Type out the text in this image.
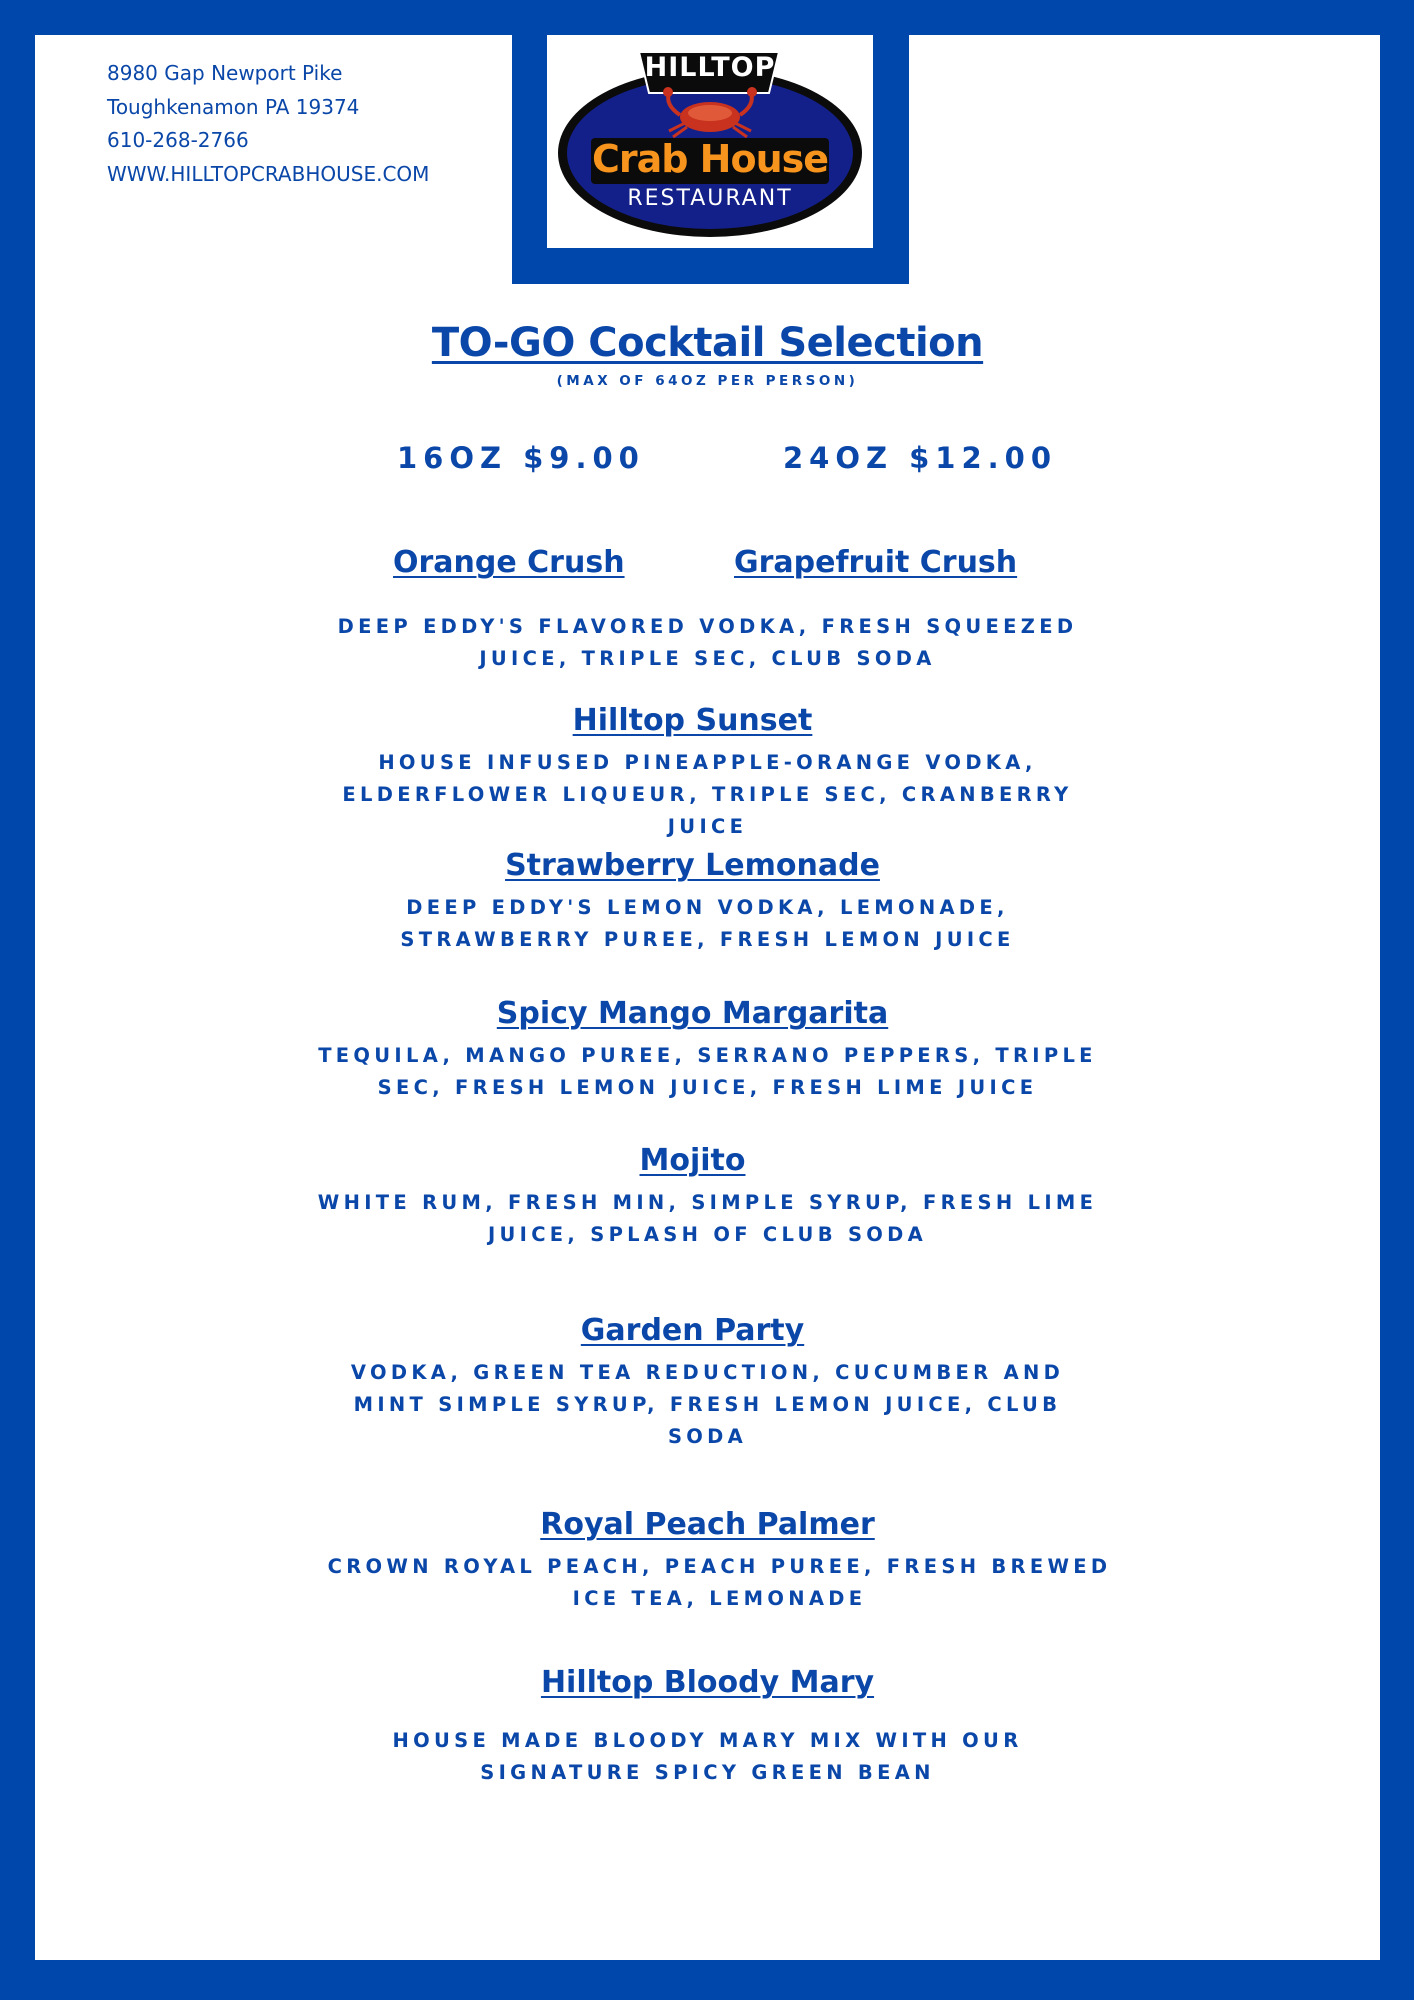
8980 Gap Newport Pike
Toughkenamon PA 19374
610-268-2766
WWW.HILLTOPCRABHOUSE.COM
HILLTOP
Crab House
RESTAURANT
TO-GO Cocktail Selection
(MAX OF 64OZ PER PERSON)
16OZ $9.00	24OZ $12.00
Orange Crush	Grapefruit Crush
DEEP EDDY'S FLAVORED VODKA, FRESH SQUEEZED
JUICE, TRIPLE SEC, CLUB SODA
Hilltop Sunset
HOUSE INFUSED PINEAPPLE-ORANGE VODKA,
ELDERFLOWER LIQUEUR, TRIPLE SEC, CRANBERRY
JUICE
Strawberry Lemonade
DEEP EDDY'S LEMON VODKA, LEMONADE,
STRAWBERRY PUREE, FRESH LEMON JUICE
Spicy Mango Margarita
TEQUILA, MANGO PUREE, SERRANO PEPPERS, TRIPLE
SEC, FRESH LEMON JUICE, FRESH LIME JUICE
Mojito
WHITE RUM, FRESH MIN, SIMPLE SYRUP, FRESH LIME
JUICE, SPLASH OF CLUB SODA
Garden Party
VODKA, GREEN TEA REDUCTION, CUCUMBER AND
MINT SIMPLE SYRUP, FRESH LEMON JUICE, CLUB
SODA
Royal Peach Palmer
CROWN ROYAL PEACH, PEACH PUREE, FRESH BREWED
ICE TEA, LEMONADE
Hilltop Bloody Mary
HOUSE MADE BLOODY MARY MIX WITH OUR
SIGNATURE SPICY GREEN BEAN
